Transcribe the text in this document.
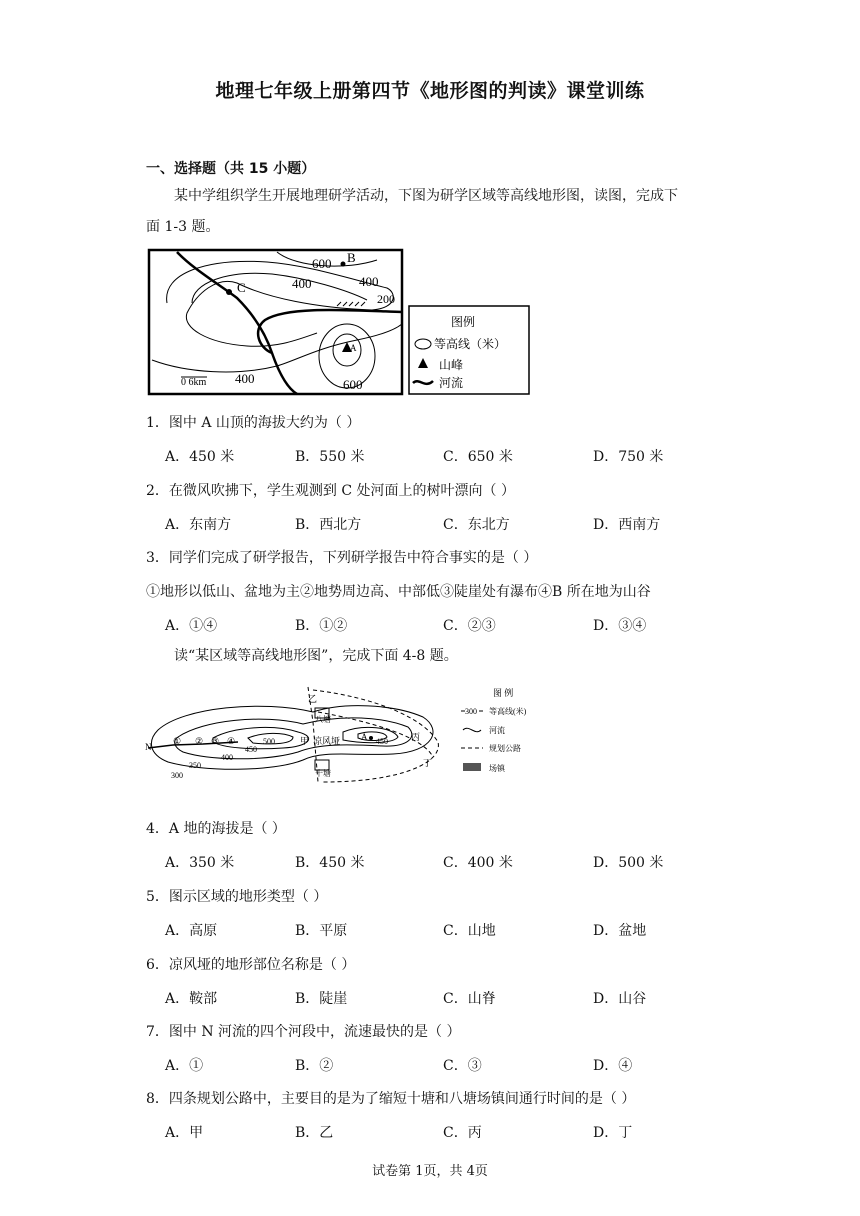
地理七年级上册第四节《地形图的判读》课堂训练
一、选择题（共 15 小题）
某中学组织学生开展地理研学活动，下图为研学区域等高线地形图，读图，完成下
面 1-3 题。
600 B
C	400	400
200
A
600
400
0 6km
图例
等高线（米）
山峰
河流
1．图中 A 山顶的海拔大约为（ ）
A．450 米	B．550 米	C．650 米	D．750 米
2．在微风吹拂下，学生观测到 C 处河面上的树叶漂向（ ）
A．东南方	B．西北方	C．东北方	D．西南方
3．同学们完成了研学报告，下列研学报告中符合事实的是（ ）
①地形以低山、盆地为主②地势周边高、中部低③陡崖处有瀑布④B 所在地为山谷
A．①④	B．①②	C．②③	D．③④
读“某区域等高线地形图”，完成下面 4-8 题。
N
① ② ③ ④
300
350
400
450
500	450
甲
乙
丙
丁
凉风垭 A
八塘
十塘
图 例
300 等高线(米)
河流
规划公路
场镇
4．A 地的海拔是（ ）
A．350 米	B．450 米	C．400 米	D．500 米
5．图示区域的地形类型（ ）
A．高原	B．平原	C．山地	D．盆地
6．凉风垭的地形部位名称是（ ）
A．鞍部	B．陡崖	C．山脊	D．山谷
7．图中 N 河流的四个河段中，流速最快的是（ ）
A．①	B．②	C．③	D．④
8．四条规划公路中，主要目的是为了缩短十塘和八塘场镇间通行时间的是（ ）
A．甲	B．乙	C．丙	D．丁
试卷第 1页，共 4页
